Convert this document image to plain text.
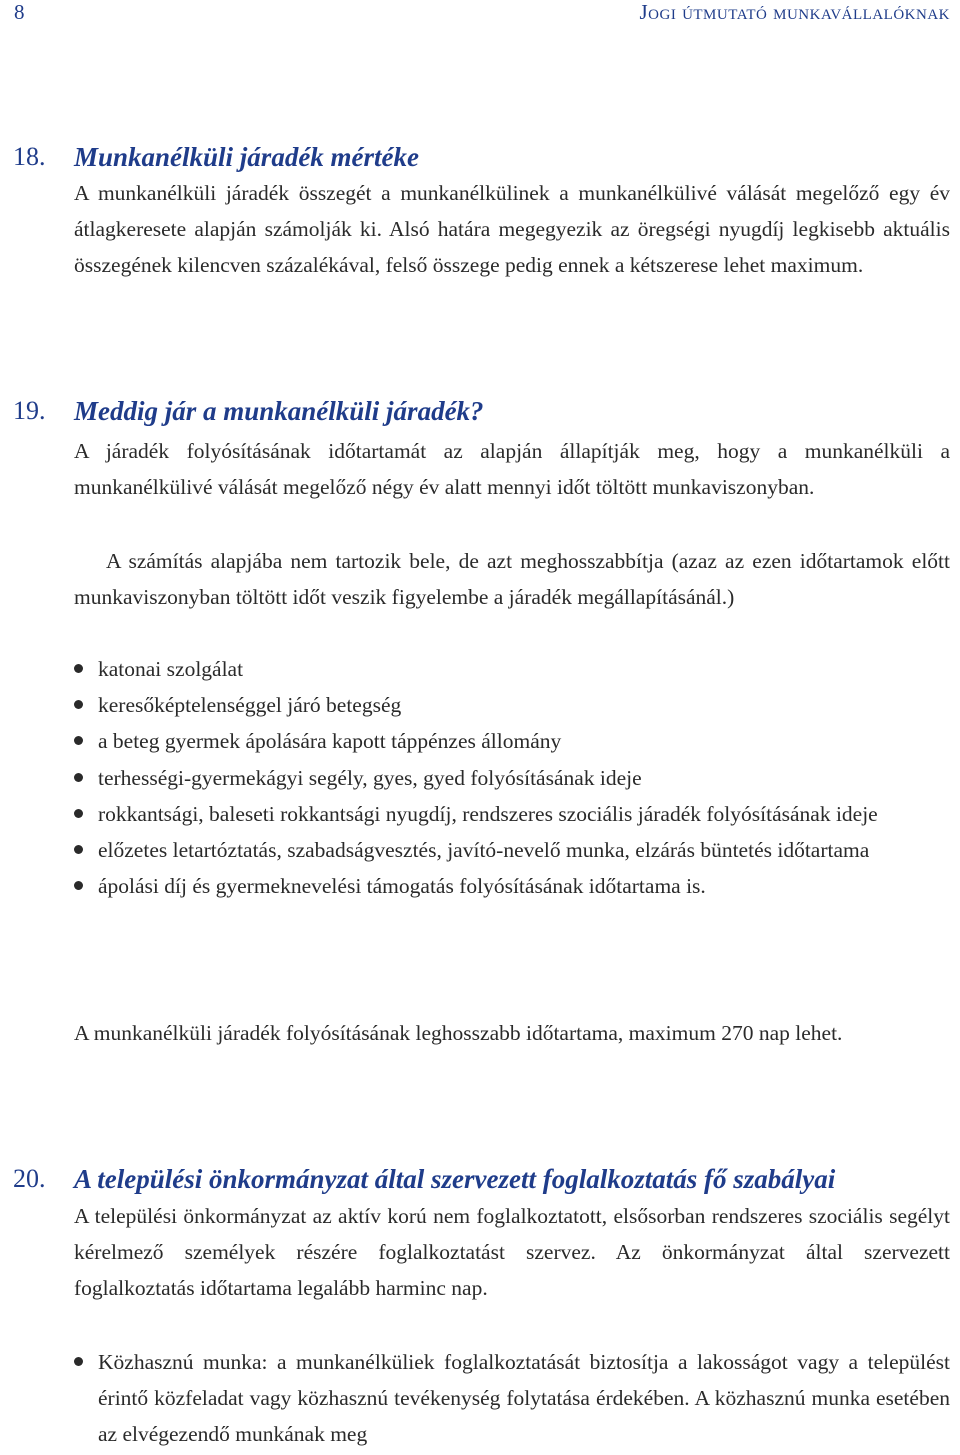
8	Jogi útmutató munkavállalóknak
18. Munkanélküli járadék mértéke
A munkanélküli járadék összegét a munkanélkülinek a munkanélkülivé válását megelőző egy év átlagkeresete alapján számolják ki. Alsó határa megegyezik az öregségi nyugdíj legkisebb aktuális összegének kilencven százalékával, felső összege pedig ennek a kétszerese lehet maximum.
19. Meddig jár a munkanélküli járadék?
A járadék folyósításának időtartamát az alapján állapítják meg, hogy a munkanélküli a munkanélkülivé válását megelőző négy év alatt mennyi időt töltött munkaviszonyban.
A számítás alapjába nem tartozik bele, de azt meghosszabbítja (azaz az ezen időtartamok előtt munkaviszonyban töltött időt veszik figyelembe a járadék megállapításánál.)
katonai szolgálat
keresőképtelenséggel járó betegség
a beteg gyermek ápolására kapott táppénzes állomány
terhességi-gyermekágyi segély, gyes, gyed folyósításának ideje
rokkantsági, baleseti rokkantsági nyugdíj, rendszeres szociális járadék folyósításának ideje
előzetes letartóztatás, szabadságvesztés, javító-nevelő munka, elzárás büntetés időtartama
ápolási díj és gyermeknevelési támogatás folyósításának időtartama is.
A munkanélküli járadék folyósításának leghosszabb időtartama, maximum 270 nap lehet.
20. A települési önkormányzat által szervezett foglalkoztatás fő szabályai
A települési önkormányzat az aktív korú nem foglalkoztatott, elsősorban rendszeres szociális segélyt kérelmező személyek részére foglalkoztatást szervez. Az önkormányzat által szervezett foglalkoztatás időtartama legalább harminc nap.
Közhasznú munka: a munkanélküliek foglalkoztatását biztosítja a lakosságot vagy a települést érintő közfeladat vagy közhasznú tevékenység folytatása érdekében. A közhasznú munka esetében az elvégezendő munkának meg
